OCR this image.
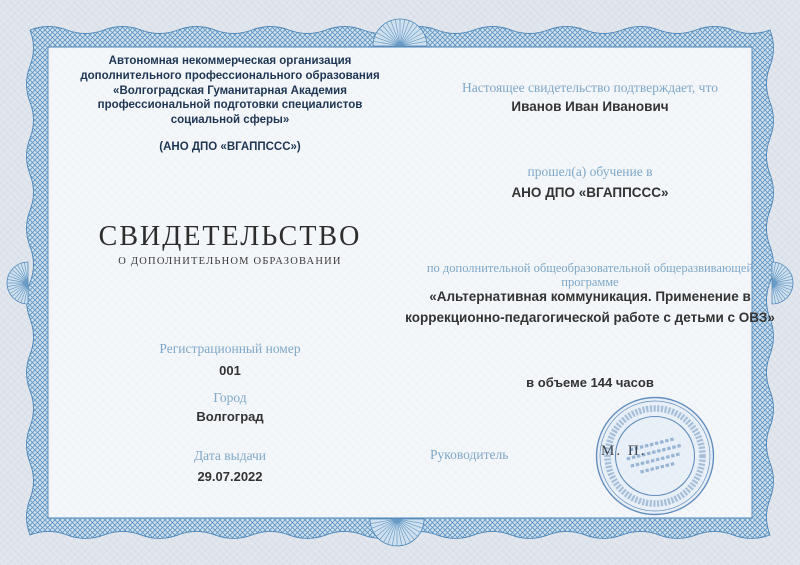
Автономная некоммерческая организация
дополнительного профессионального образования
«Волгоградская Гуманитарная Академия
профессиональной подготовки специалистов
социальной сферы»
(АНО ДПО «ВГАППССС»)
СВИДЕТЕЛЬСТВО
О ДОПОЛНИТЕЛЬНОМ ОБРАЗОВАНИИ
Регистрационный номер
001
Город
Волгоград
Дата выдачи
29.07.2022
Настоящее свидетельство подтверждает, что
Иванов Иван Иванович
прошел(а) обучение в
АНО ДПО «ВГАППССС»
по дополнительной общеобразовательной общеразвивающей программе
«Альтернативная коммуникация. Применение в
коррекционно-педагогической работе с детьми с ОВЗ»
в объеме 144 часов
Руководитель	М. П.
